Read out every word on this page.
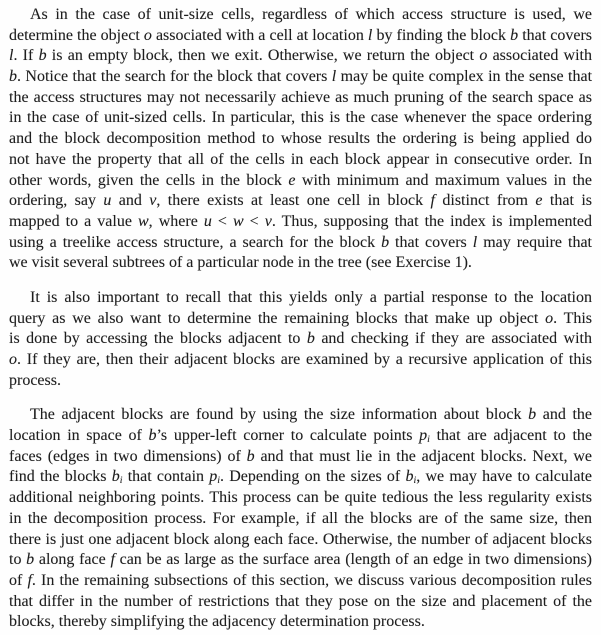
As in the case of unit-size cells, regardless of which access structure is used, we
determine the object o associated with a cell at location l by finding the block b that covers
l. If b is an empty block, then we exit. Otherwise, we return the object o associated with
b. Notice that the search for the block that covers l may be quite complex in the sense that
the access structures may not necessarily achieve as much pruning of the search space as
in the case of unit-sized cells. In particular, this is the case whenever the space ordering
and the block decomposition method to whose results the ordering is being applied do
not have the property that all of the cells in each block appear in consecutive order. In
other words, given the cells in the block e with minimum and maximum values in the
ordering, say u and v, there exists at least one cell in block f distinct from e that is
mapped to a value w, where u < w < v. Thus, supposing that the index is implemented
using a treelike access structure, a search for the block b that covers l may require that
we visit several subtrees of a particular node in the tree (see Exercise 1).
It is also important to recall that this yields only a partial response to the location
query as we also want to determine the remaining blocks that make up object o. This
is done by accessing the blocks adjacent to b and checking if they are associated with
o. If they are, then their adjacent blocks are examined by a recursive application of this
process.
The adjacent blocks are found by using the size information about block b and the
location in space of b’s upper-left corner to calculate points $p_i$ that are adjacent to the
faces (edges in two dimensions) of b and that must lie in the adjacent blocks. Next, we
find the blocks $b_i$ that contain $p_i$. Depending on the sizes of $b_i$, we may have to calculate
additional neighboring points. This process can be quite tedious the less regularity exists
in the decomposition process. For example, if all the blocks are of the same size, then
there is just one adjacent block along each face. Otherwise, the number of adjacent blocks
to b along face f can be as large as the surface area (length of an edge in two dimensions)
of f. In the remaining subsections of this section, we discuss various decomposition rules
that differ in the number of restrictions that they pose on the size and placement of the
blocks, thereby simplifying the adjacency determination process.
